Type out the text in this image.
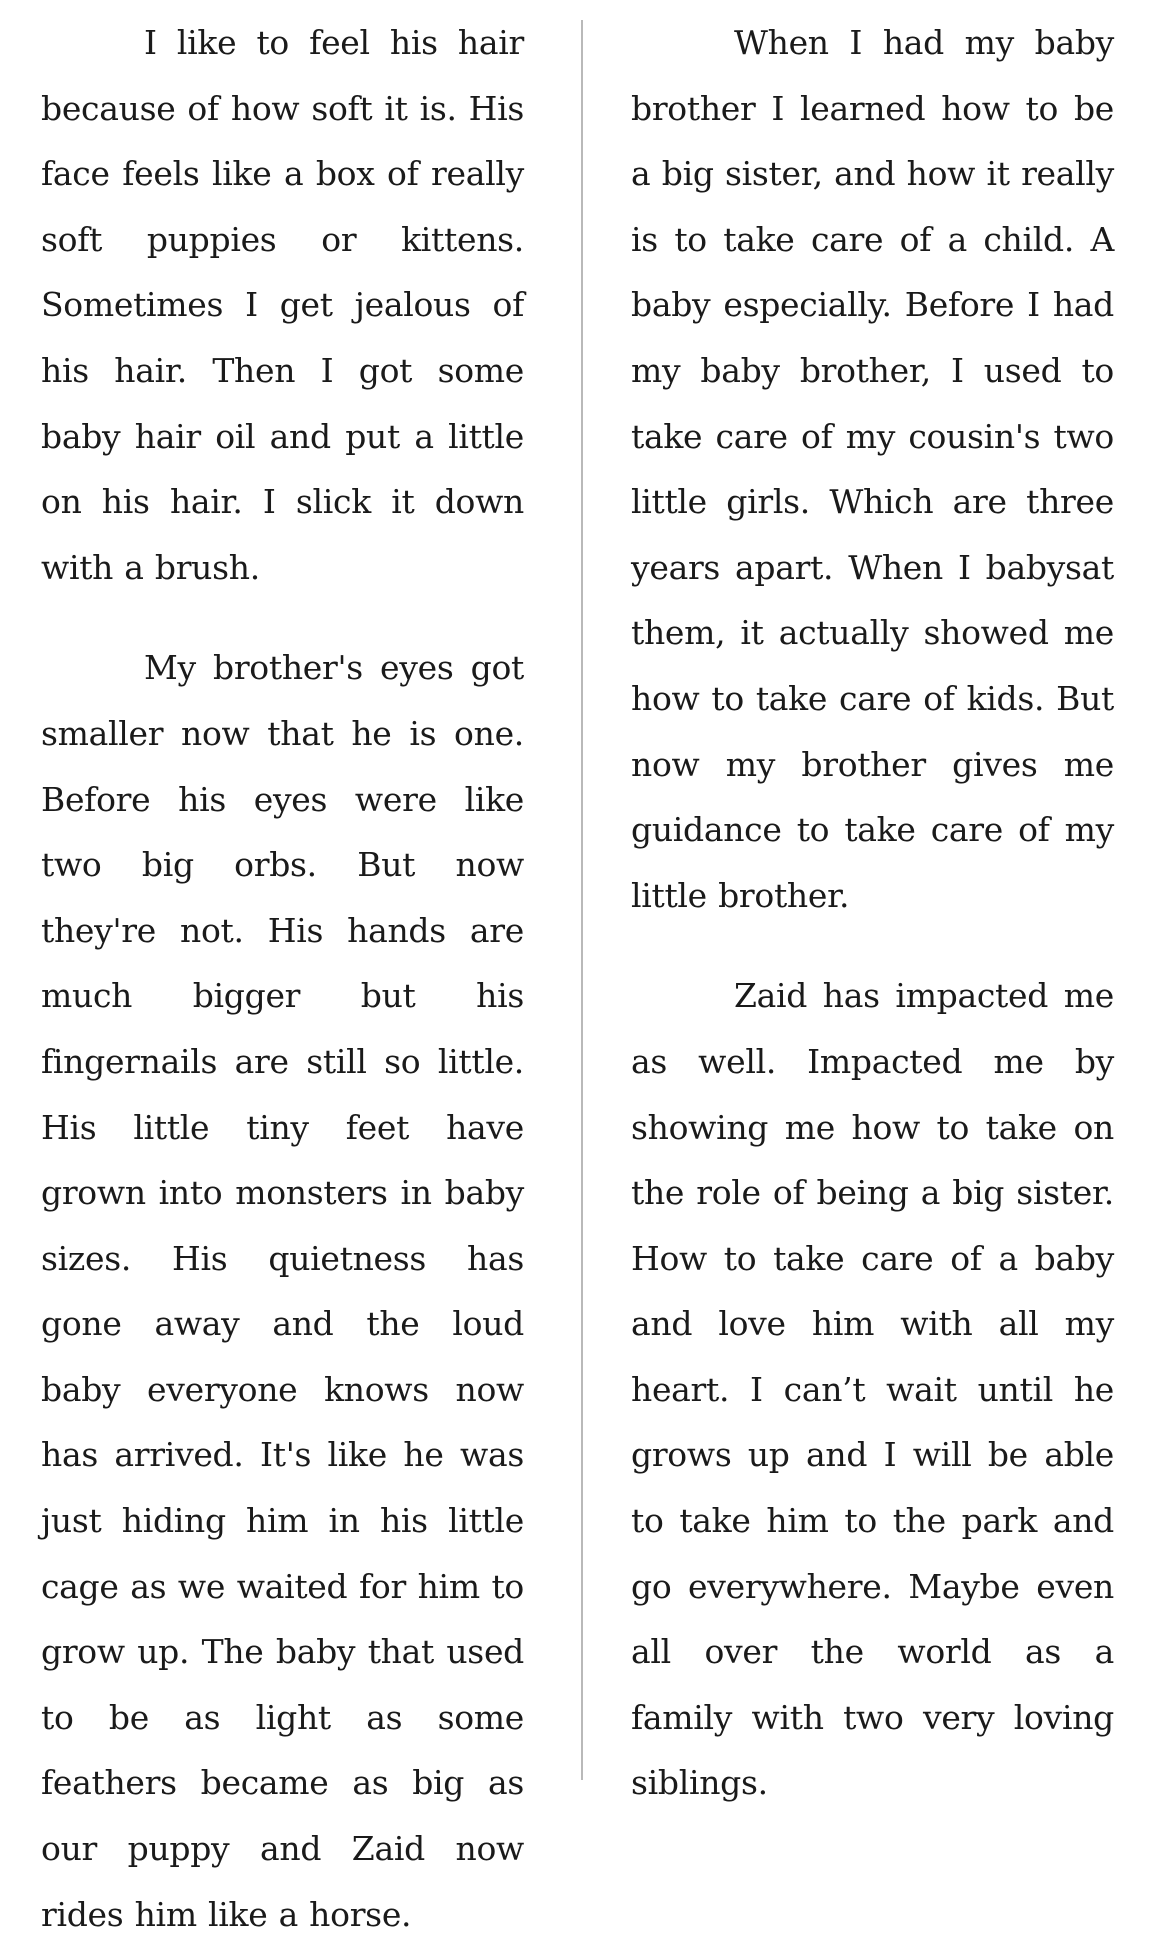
I like to feel his hair because of how soft it is. His face feels like a box of really soft puppies or kittens. Sometimes I get jealous of his hair. Then I got some baby hair oil and put a little on his hair. I slick it down with a brush.

My brother's eyes got smaller now that he is one. Before his eyes were like two big orbs. But now they're not. His hands are much bigger but his fingernails are still so little. His little tiny feet have grown into monsters in baby sizes. His quietness has gone away and the loud baby everyone knows now has arrived. It's like he was just hiding him in his little cage as we waited for him to grow up. The baby that used to be as light as some feathers became as big as our puppy and Zaid now rides him like a horse.

When I had my baby brother I learned how to be a big sister, and how it really is to take care of a child. A baby especially. Before I had my baby brother, I used to take care of my cousin's two little girls. Which are three years apart. When I babysat them, it actually showed me how to take care of kids. But now my brother gives me guidance to take care of my little brother.

Zaid has impacted me as well. Impacted me by showing me how to take on the role of being a big sister. How to take care of a baby and love him with all my heart. I can’t wait until he grows up and I will be able to take him to the park and go everywhere. Maybe even all over the world as a family with two very loving siblings.
